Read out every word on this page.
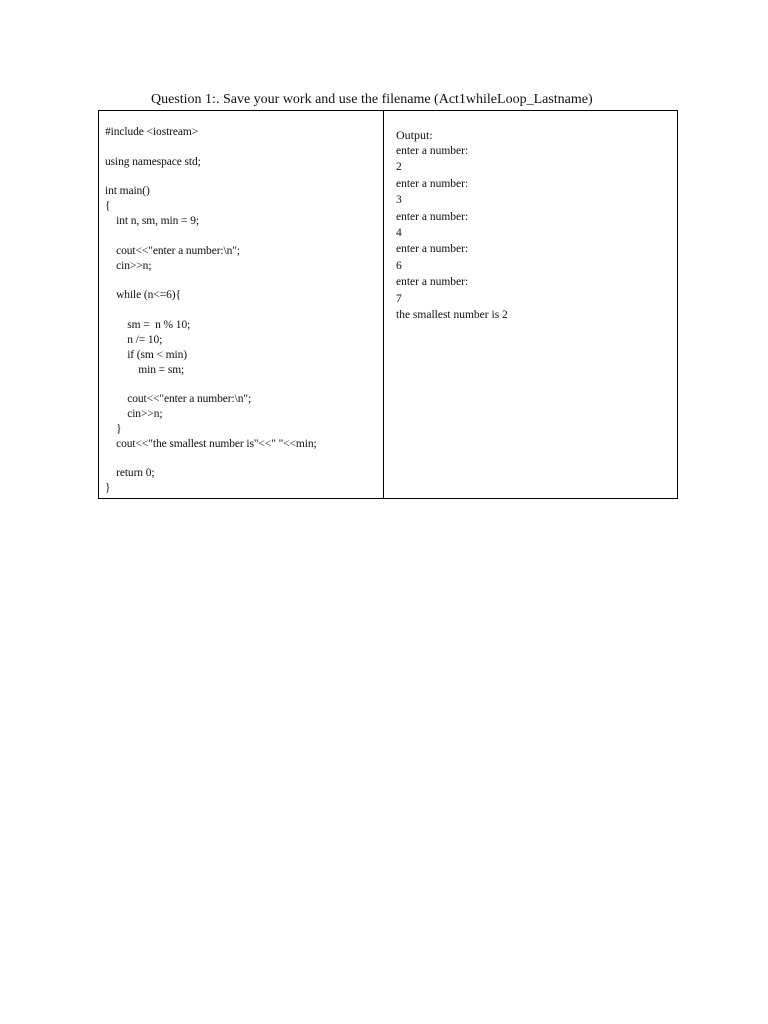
Question 1:. Save your work and use the filename (Act1whileLoop_Lastname)
#include <iostream>
using namespace std;
int main()
{
int n, sm, min = 9;
cout<<"enter a number:\n";
cin>>n;
while (n<=6){
sm =  n % 10;
n /= 10;
if (sm < min)
min = sm;
cout<<"enter a number:\n";
cin>>n;
}
cout<<"the smallest number is"<<" "<<min;
return 0;
}
Output:
enter a number:
2
enter a number:
3
enter a number:
4
enter a number:
6
enter a number:
7
the smallest number is 2
